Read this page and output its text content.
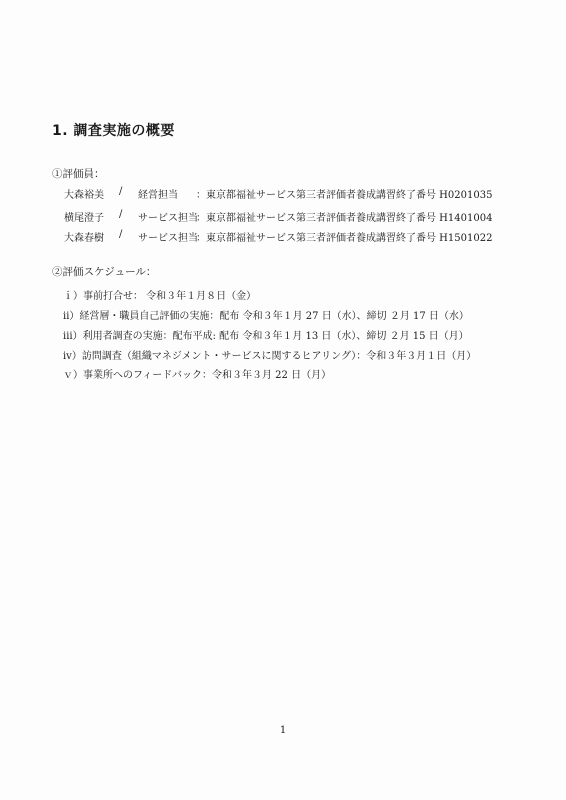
1. 調査実施の概要
①評価員：
大森裕美 / 経営担当 ：東京都福祉サービス第三者評価者養成講習終了番号 H0201035
横尾澄子 / サービス担当
：東京都福祉サービス第三者評価者養成講習終了番号 H1401004
大森春樹 / サービス担当
：東京都福祉サービス第三者評価者養成講習終了番号 H1501022
②評価スケジュール：
ｉ）事前打合せ： 令和３年１月８日（金）
ⅱ）経営層・職員自己評価の実施：配布 令和３年１月 27 日（水）、締切 ２月 17 日（水）
ⅲ）利用者調査の実施：配布平成: 配布 令和３年１月 13 日（水）、締切 ２月 15 日（月）
ⅳ）訪問調査（組織マネジメント・サービスに関するヒアリング）：令和３年３月１日（月）
ｖ）事業所へのフィードバック：令和３年３月 22 日（月）
1
